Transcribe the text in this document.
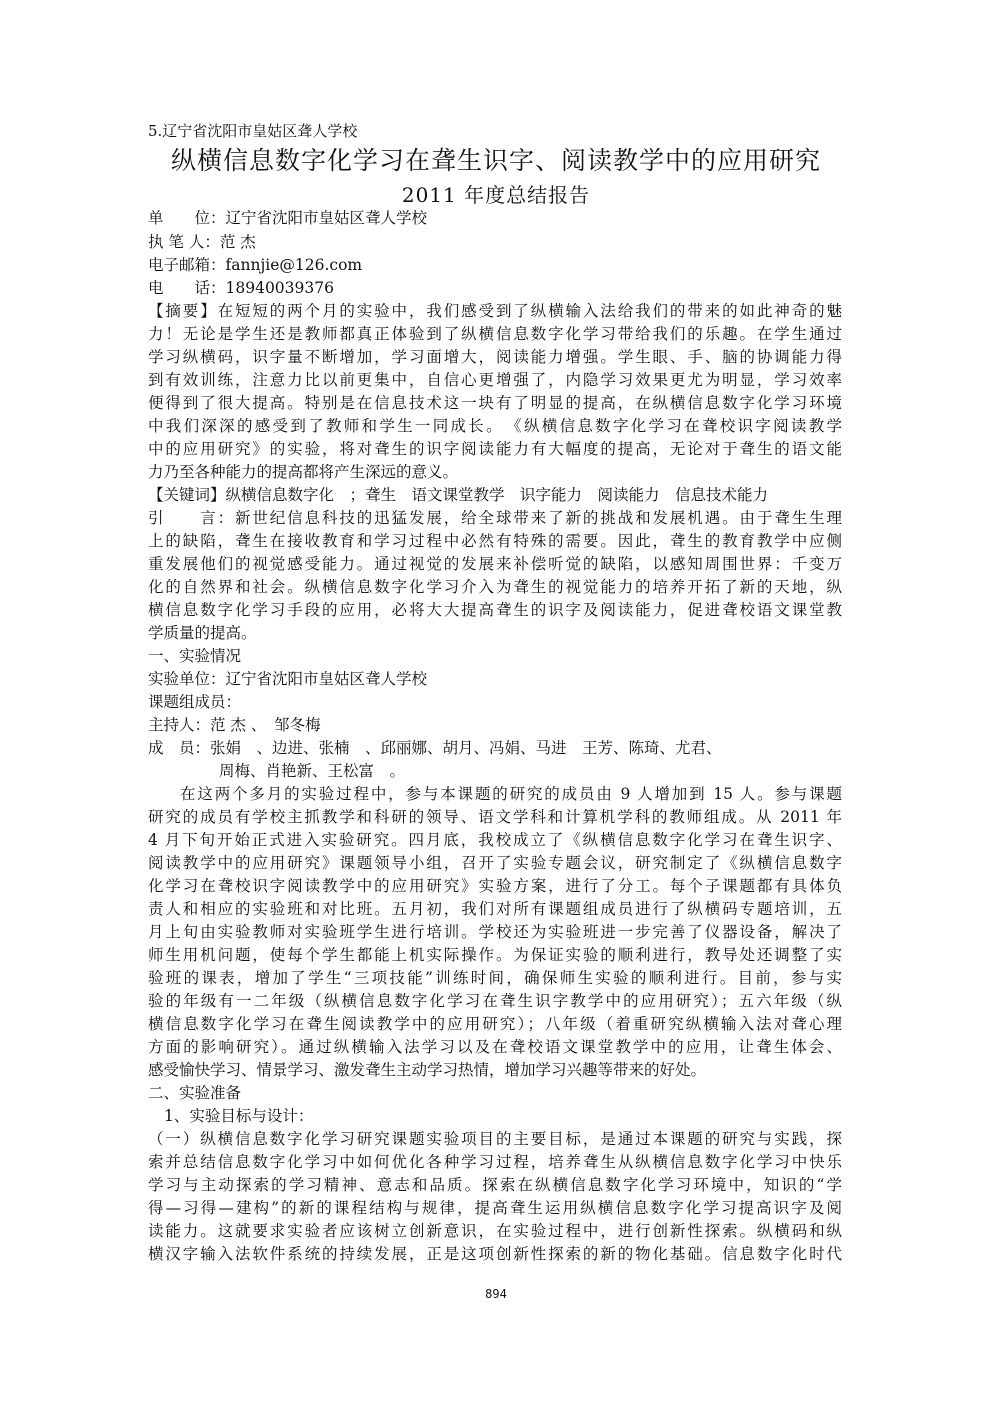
5.辽宁省沈阳市皇姑区聋人学校
纵横信息数字化学习在聋生识字、阅读教学中的应用研究
2011 年度总结报告
单　　位：辽宁省沈阳市皇姑区聋人学校
执 笔 人：范 杰
电子邮箱：fannjie@126.com
电　　话：18940039376
【摘要】在短短的两个月的实验中，我们感受到了纵横输入法给我们的带来的如此神奇的魅
力！无论是学生还是教师都真正体验到了纵横信息数字化学习带给我们的乐趣。在学生通过
学习纵横码，识字量不断增加，学习面增大，阅读能力增强。学生眼、手、脑的协调能力得
到有效训练，注意力比以前更集中，自信心更增强了，内隐学习效果更尤为明显，学习效率
便得到了很大提高。特别是在信息技术这一块有了明显的提高，在纵横信息数字化学习环境
中我们深深的感受到了教师和学生一同成长。　《纵横信息数字化学习在聋校识字阅读教学
中的应用研究》的实验，将对聋生的识字阅读能力有大幅度的提高，无论对于聋生的语文能
力乃至各种能力的提高都将产生深远的意义。
【关键词】纵横信息数字化　；聋生　语文课堂教学　识字能力　阅读能力　信息技术能力
引　　言：新世纪信息科技的迅猛发展，给全球带来了新的挑战和发展机遇。由于聋生生理
上的缺陷，聋生在接收教育和学习过程中必然有特殊的需要。因此，聋生的教育教学中应侧
重发展他们的视觉感受能力。通过视觉的发展来补偿听觉的缺陷，以感知周围世界：千变万
化的自然界和社会。纵横信息数字化学习介入为聋生的视觉能力的培养开拓了新的天地，纵
横信息数字化学习手段的应用，必将大大提高聋生的识字及阅读能力，促进聋校语文课堂教
学质量的提高。
一、实验情况
实验单位：辽宁省沈阳市皇姑区聋人学校
课题组成员：
主持人：范 杰 、　邹冬梅
成　员：张娟　、边进、张楠　、邱丽娜、胡月、冯娟、马进　王芳、陈琦、尤君、
周梅、肖艳新、王松富　。
在这两个多月的实验过程中，参与本课题的研究的成员由 9 人增加到 15 人。参与课题
研究的成员有学校主抓教学和科研的领导、语文学科和计算机学科的教师组成。从 2011 年
4 月下旬开始正式进入实验研究。四月底，我校成立了《纵横信息数字化学习在聋生识字、
阅读教学中的应用研究》课题领导小组，召开了实验专题会议，研究制定了《纵横信息数字
化学习在聋校识字阅读教学中的应用研究》实验方案，进行了分工。每个子课题都有具体负
责人和相应的实验班和对比班。五月初，我们对所有课题组成员进行了纵横码专题培训，五
月上旬由实验教师对实验班学生进行培训。学校还为实验班进一步完善了仪器设备，解决了
师生用机问题，使每个学生都能上机实际操作。为保证实验的顺利进行，教导处还调整了实
验班的课表，增加了学生“三项技能”训练时间，确保师生实验的顺利进行。目前，参与实
验的年级有一二年级（纵横信息数字化学习在聋生识字教学中的应用研究）；五六年级（纵
横信息数字化学习在聋生阅读教学中的应用研究）；八年级（着重研究纵横输入法对聋心理
方面的影响研究）。通过纵横输入法学习以及在聋校语文课堂教学中的应用，让聋生体会、
感受愉快学习、情景学习、激发聋生主动学习热情，增加学习兴趣等带来的好处。
二、实验准备
1、实验目标与设计：
（一）纵横信息数字化学习研究课题实验项目的主要目标，是通过本课题的研究与实践，探
索并总结信息数字化学习中如何优化各种学习过程，培养聋生从纵横信息数字化学习中快乐
学习与主动探索的学习精神、意志和品质。探索在纵横信息数字化学习环境中，知识的“学
得—习得—建构”的新的课程结构与规律，提高聋生运用纵横信息数字化学习提高识字及阅
读能力。这就要求实验者应该树立创新意识，在实验过程中，进行创新性探索。纵横码和纵
横汉字输入法软件系统的持续发展，正是这项创新性探索的新的物化基础。信息数字化时代
894
